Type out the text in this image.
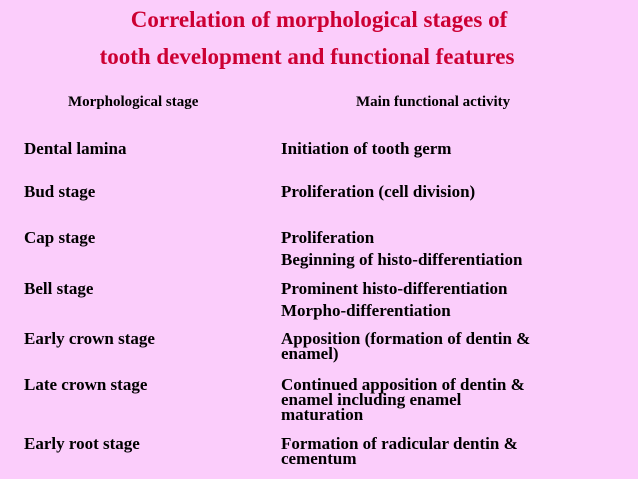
Correlation of morphological stages of
tooth development and functional features
Morphological stage	Main functional activity
Dental lamina	Initiation of tooth germ
Bud stage	Proliferation (cell division)
Cap stage	Proliferation
Beginning of histo-differentiation
Bell stage	Prominent histo-differentiation
Morpho-differentiation
Early crown stage	Apposition (formation of dentin &
enamel)
Late crown stage	Continued apposition of dentin &
enamel including enamel
maturation
Early root stage	Formation of radicular dentin &
cementum
